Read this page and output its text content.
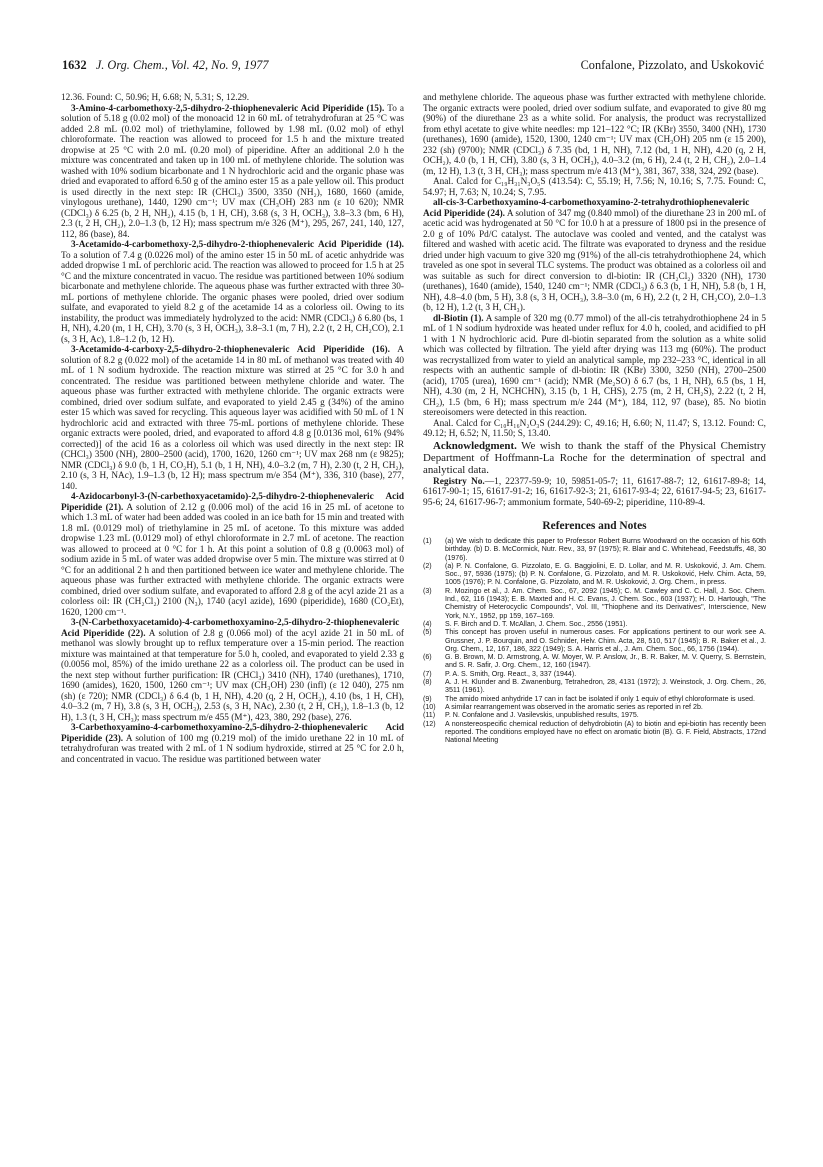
1632 J. Org. Chem., Vol. 42, No. 9, 1977	Confalone, Pizzolato, and Uskoković

12.36. Found: C, 50.96; H, 6.68; N, 5.31; S, 12.29.

3-Amino-4-carbomethoxy-2,5-dihydro-2-thiophenevaleric Acid Piperidide (15). To a solution of 5.18 g (0.02 mol) of the monoacid 12 in 60 mL of tetrahydrofuran at 25 °C was added 2.8 mL (0.02 mol) of triethylamine, followed by 1.98 mL (0.02 mol) of ethyl chloroformate. The reaction was allowed to proceed for 1.5 h and the mixture treated dropwise at 25 °C with 2.0 mL (0.20 mol) of piperidine. After an additional 2.0 h the mixture was concentrated and taken up in 100 mL of methylene chloride. The solution was washed with 10% sodium bicarbonate and 1 N hydrochloric acid and the organic phase was dried and evaporated to afford 6.50 g of the amino ester 15 as a pale yellow oil. This product is used directly in the next step: IR (CHCl₃) 3500, 3350 (NH₂), 1680, 1660 (amide, vinylogous urethane), 1440, 1290 cm⁻¹; UV max (CH₃OH) 283 nm (ε 10 620); NMR (CDCl₃) δ 6.25 (b, 2 H, NH₂), 4.15 (b, 1 H, CH), 3.68 (s, 3 H, OCH₃), 3.8–3.3 (bm, 6 H), 2.3 (t, 2 H, CH₂), 2.0–1.3 (b, 12 H); mass spectrum m/e 326 (M⁺), 295, 267, 241, 140, 127, 112, 86 (base), 84.

3-Acetamido-4-carbomethoxy-2,5-dihydro-2-thiophenevaleric Acid Piperidide (14). To a solution of 7.4 g (0.0226 mol) of the amino ester 15 in 50 mL of acetic anhydride was added dropwise 1 mL of perchloric acid. The reaction was allowed to proceed for 1.5 h at 25 °C and the mixture concentrated in vacuo. The residue was partitioned between 10% sodium bicarbonate and methylene chloride. The aqueous phase was further extracted with three 30-mL portions of methylene chloride. The organic phases were pooled, dried over sodium sulfate, and evaporated to yield 8.2 g of the acetamide 14 as a colorless oil. Owing to its instability, the product was immediately hydrolyzed to the acid: NMR (CDCl₃) δ 6.80 (bs, 1 H, NH), 4.20 (m, 1 H, CH), 3.70 (s, 3 H, OCH₃), 3.8–3.1 (m, 7 H), 2.2 (t, 2 H, CH₂CO), 2.1 (s, 3 H, Ac), 1.8–1.2 (b, 12 H).

3-Acetamido-4-carboxy-2,5-dihydro-2-thiophenevaleric Acid Piperidide (16). A solution of 8.2 g (0.022 mol) of the acetamide 14 in 80 mL of methanol was treated with 40 mL of 1 N sodium hydroxide. The reaction mixture was stirred at 25 °C for 3.0 h and concentrated. The residue was partitioned between methylene chloride and water. The aqueous phase was further extracted with methylene chloride. The organic extracts were combined, dried over sodium sulfate, and evaporated to yield 2.45 g (34%) of the amino ester 15 which was saved for recycling. This aqueous layer was acidified with 50 mL of 1 N hydrochloric acid and extracted with three 75-mL portions of methylene chloride. These organic extracts were pooled, dried, and evaporated to afford 4.8 g [0.0136 mol, 61% (94% corrected)] of the acid 16 as a colorless oil which was used directly in the next step: IR (CHCl₃) 3500 (NH), 2800–2500 (acid), 1700, 1620, 1260 cm⁻¹; UV max 268 nm (ε 9825); NMR (CDCl₃) δ 9.0 (b, 1 H, CO₂H), 5.1 (b, 1 H, NH), 4.0–3.2 (m, 7 H), 2.30 (t, 2 H, CH₂), 2.10 (s, 3 H, NAc), 1.9–1.3 (b, 12 H); mass spectrum m/e 354 (M⁺), 336, 310 (base), 277, 140.

4-Azidocarbonyl-3-(N-carbethoxyacetamido)-2,5-dihydro-2-thiophenevaleric Acid Piperidide (21). A solution of 2.12 g (0.006 mol) of the acid 16 in 25 mL of acetone to which 1.3 mL of water had been added was cooled in an ice bath for 15 min and treated with 1.8 mL (0.0129 mol) of triethylamine in 25 mL of acetone. To this mixture was added dropwise 1.23 mL (0.0129 mol) of ethyl chloroformate in 2.7 mL of acetone. The reaction was allowed to proceed at 0 °C for 1 h. At this point a solution of 0.8 g (0.0063 mol) of sodium azide in 5 mL of water was added dropwise over 5 min. The mixture was stirred at 0 °C for an additional 2 h and then partitioned between ice water and methylene chloride. The aqueous phase was further extracted with methylene chloride. The organic extracts were combined, dried over sodium sulfate, and evaporated to afford 2.8 g of the acyl azide 21 as a colorless oil: IR (CH₂Cl₂) 2100 (N₃), 1740 (acyl azide), 1690 (piperidide), 1680 (CO₂Et), 1620, 1200 cm⁻¹.

3-(N-Carbethoxyacetamido)-4-carbomethoxyamino-2,5-dihydro-2-thiophenevaleric Acid Piperidide (22). A solution of 2.8 g (0.066 mol) of the acyl azide 21 in 50 mL of methanol was slowly brought up to reflux temperature over a 15-min period. The reaction mixture was maintained at that temperature for 5.0 h, cooled, and evaporated to yield 2.33 g (0.0056 mol, 85%) of the imido urethane 22 as a colorless oil. The product can be used in the next step without further purification: IR (CHCl₃) 3410 (NH), 1740 (urethanes), 1710, 1690 (amides), 1620, 1500, 1260 cm⁻¹; UV max (CH₃OH) 230 (infl) (ε 12 040), 275 nm (sh) (ε 720); NMR (CDCl₃) δ 6.4 (b, 1 H, NH), 4.20 (q, 2 H, OCH₂), 4.10 (bs, 1 H, CH), 4.0–3.2 (m, 7 H), 3.8 (s, 3 H, OCH₃), 2.53 (s, 3 H, NAc), 2.30 (t, 2 H, CH₂), 1.8–1.3 (b, 12 H), 1.3 (t, 3 H, CH₃); mass spectrum m/e 455 (M⁺), 423, 380, 292 (base), 276.

3-Carbethoxyamino-4-carbomethoxyamino-2,5-dihydro-2-thiophenevaleric Acid Piperidide (23). A solution of 100 mg (0.219 mol) of the imido urethane 22 in 10 mL of tetrahydrofuran was treated with 2 mL of 1 N sodium hydroxide, stirred at 25 °C for 2.0 h, and concentrated in vacuo. The residue was partitioned between water

and methylene chloride. The aqueous phase was further extracted with methylene chloride. The organic extracts were pooled, dried over sodium sulfate, and evaporated to give 80 mg (90%) of the diurethane 23 as a white solid. For analysis, the product was recrystallized from ethyl acetate to give white needles: mp 121–122 °C; IR (KBr) 3550, 3400 (NH), 1730 (urethanes), 1690 (amide), 1520, 1300, 1240 cm⁻¹; UV max (CH₃OH) 205 nm (ε 15 200), 232 (sh) (9700); NMR (CDCl₃) δ 7.35 (bd, 1 H, NH), 7.12 (bd, 1 H, NH), 4.20 (q, 2 H, OCH₂), 4.0 (b, 1 H, CH), 3.80 (s, 3 H, OCH₃), 4.0–3.2 (m, 6 H), 2.4 (t, 2 H, CH₂), 2.0–1.4 (m, 12 H), 1.3 (t, 3 H, CH₃); mass spectrum m/e 413 (M⁺), 381, 367, 338, 324, 292 (base).

Anal. Calcd for C₁₉H₃₁N₃O₅S (413.54): C, 55.19; H, 7.56; N, 10.16; S, 7.75. Found: C, 54.97; H, 7.63; N, 10.24; S, 7.95.

all-cis-3-Carbethoxyamino-4-carbomethoxyamino-2-tetrahydrothiophenevaleric Acid Piperidide (24). A solution of 347 mg (0.840 mmol) of the diurethane 23 in 200 mL of acetic acid was hydrogenated at 50 °C for 10.0 h at a pressure of 1800 psi in the presence of 2.0 g of 10% Pd/C catalyst. The autoclave was cooled and vented, and the catalyst was filtered and washed with acetic acid. The filtrate was evaporated to dryness and the residue dried under high vacuum to give 320 mg (91%) of the all-cis tetrahydrothiophene 24, which traveled as one spot in several TLC systems. The product was obtained as a colorless oil and was suitable as such for direct conversion to dl-biotin: IR (CH₂Cl₂) 3320 (NH), 1730 (urethanes), 1640 (amide), 1540, 1240 cm⁻¹; NMR (CDCl₃) δ 6.3 (b, 1 H, NH), 5.8 (b, 1 H, NH), 4.8–4.0 (bm, 5 H), 3.8 (s, 3 H, OCH₃), 3.8–3.0 (m, 6 H), 2.2 (t, 2 H, CH₂CO), 2.0–1.3 (b, 12 H), 1.2 (t, 3 H, CH₃).

dl-Biotin (1). A sample of 320 mg (0.77 mmol) of the all-cis tetrahydrothiophene 24 in 5 mL of 1 N sodium hydroxide was heated under reflux for 4.0 h, cooled, and acidified to pH 1 with 1 N hydrochloric acid. Pure dl-biotin separated from the solution as a white solid which was collected by filtration. The yield after drying was 113 mg (60%). The product was recrystallized from water to yield an analytical sample, mp 232–233 °C, identical in all respects with an authentic sample of dl-biotin: IR (KBr) 3300, 3250 (NH), 2700–2500 (acid), 1705 (urea), 1690 cm⁻¹ (acid); NMR (Me₂SO) δ 6.7 (bs, 1 H, NH), 6.5 (bs, 1 H, NH), 4.30 (m, 2 H, NCHCHN), 3.15 (b, 1 H, CHS), 2.75 (m, 2 H, CH₂S), 2.22 (t, 2 H, CH₂), 1.5 (bm, 6 H); mass spectrum m/e 244 (M⁺), 184, 112, 97 (base), 85. No biotin stereoisomers were detected in this reaction.

Anal. Calcd for C₁₀H₁₆N₂O₃S (244.29): C, 49.16; H, 6.60; N, 11.47; S, 13.12. Found: C, 49.12; H, 6.52; N, 11.50; S, 13.40.

Acknowledgment. We wish to thank the staff of the Physical Chemistry Department of Hoffmann-La Roche for the determination of spectral and analytical data.

Registry No.—1, 22377-59-9; 10, 59851-05-7; 11, 61617-88-7; 12, 61617-89-8; 14, 61617-90-1; 15, 61617-91-2; 16, 61617-92-3; 21, 61617-93-4; 22, 61617-94-5; 23, 61617-95-6; 24, 61617-96-7; ammonium formate, 540-69-2; piperidine, 110-89-4.

References and Notes
(1)	(a) We wish to dedicate this paper to Professor Robert Burns Woodward on the occasion of his 60th birthday. (b) D. B. McCormick, Nutr. Rev., 33, 97 (1975); R. Blair and C. Whitehead, Feedstuffs, 48, 30 (1976).
(2)	(a) P. N. Confalone, G. Pizzolato, E. G. Baggiolini, E. D. Lollar, and M. R. Uskoković, J. Am. Chem. Soc., 97, 5936 (1975); (b) P. N. Confalone, G. Pizzolato, and M. R. Uskoković, Helv. Chim. Acta, 59, 1005 (1976); P. N. Confalone, G. Pizzolato, and M. R. Uskoković, J. Org. Chem., in press.
(3)	R. Mozingo et al., J. Am. Chem. Soc., 67, 2092 (1945); C. M. Cawley and C. C. Hall, J. Soc. Chem. Ind., 62, 116 (1943); E. B. Maxted and H. C. Evans, J. Chem. Soc., 603 (1937); H. D. Hartough, "The Chemistry of Heterocyclic Compounds", Vol. III, "Thiophene and its Derivatives", Interscience, New York, N.Y., 1952, pp 159, 167–169.
(4)	S. F. Birch and D. T. McAllan, J. Chem. Soc., 2556 (1951).
(5)	This concept has proven useful in numerous cases. For applications pertinent to our work see A. Grussner, J. P. Bourquin, and O. Schnider, Helv. Chim. Acta, 28, 510, 517 (1945); B. R. Baker et al., J. Org. Chem., 12, 167, 186, 322 (1949); S. A. Harris et al., J. Am. Chem. Soc., 66, 1756 (1944).
(6)	G. B. Brown, M. D. Armstrong, A. W. Moyer, W. P. Anslow, Jr., B. R. Baker, M. V. Querry, S. Bernstein, and S. R. Safir, J. Org. Chem., 12, 160 (1947).
(7)	P. A. S. Smith, Org. React., 3, 337 (1944).
(8)	A. J. H. Klunder and B. Zwanenburg, Tetrahedron, 28, 4131 (1972); J. Weinstock, J. Org. Chem., 26, 3511 (1961).
(9)	The amido mixed anhydride 17 can in fact be isolated if only 1 equiv of ethyl chloroformate is used.
(10)	A similar rearrangement was observed in the aromatic series as reported in ref 2b.
(11)	P. N. Confalone and J. Vasilevskis, unpublished results, 1975.
(12)	A nonstereospecific chemical reduction of dehydrobiotin (A) to biotin and epi-biotin has recently been reported. The conditions employed have no effect on aromatic biotin (B). G. F. Field, Abstracts, 172nd National Meeting
